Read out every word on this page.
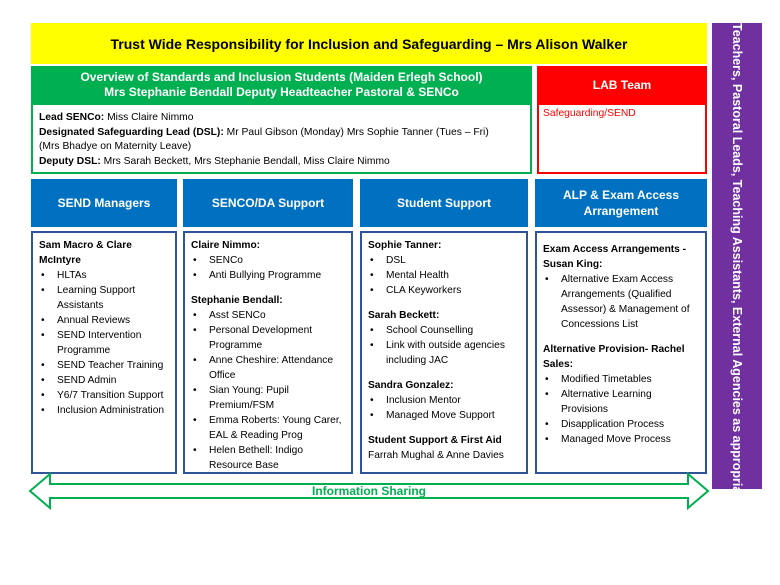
Trust Wide Responsibility for Inclusion and Safeguarding – Mrs Alison Walker	Teachers, Pastoral Leads, Teaching Assistants, External Agencies as appropriate
Overview of Standards and Inclusion Students (Maiden Erlegh School)
Mrs Stephanie Bendall Deputy Headteacher Pastoral & SENCo
Lead SENCo: Miss Claire Nimmo
Designated Safeguarding Lead (DSL): Mr Paul Gibson (Monday) Mrs Sophie Tanner (Tues – Fri)
(Mrs Bhadye on Maternity Leave)
Deputy DSL: Mrs Sarah Beckett, Mrs Stephanie Bendall, Miss Claire Nimmo
LAB Team
Safeguarding/SEND
SEND Managers	SENCO/DA Support	Student Support
ALP & Exam Access Arrangement
Sam Macro & Clare McIntyre
• HLTAs
• Learning Support Assistants
• Annual Reviews
• SEND Intervention Programme
• SEND Teacher Training
• SEND Admin
• Y6/7 Transition Support
• Inclusion Administration
Claire Nimmo:
• SENCo
• Anti Bullying Programme
Stephanie Bendall:
• Asst SENCo
• Personal Development Programme
• Anne Cheshire: Attendance Office
• Sian Young: Pupil Premium/FSM
• Emma Roberts: Young Carer, EAL & Reading Prog
• Helen Bethell: Indigo Resource Base
Sophie Tanner:
• DSL
• Mental Health
• CLA Keyworkers
Sarah Beckett:
• School Counselling
• Link with outside agencies including JAC
Sandra Gonzalez:
• Inclusion Mentor
• Managed Move Support
Student Support & First Aid
Farrah Mughal & Anne Davies
Exam Access Arrangements - Susan King:
• Alternative Exam Access Arrangements (Qualified Assessor) & Management of Concessions List
Alternative Provision- Rachel Sales:
• Modified Timetables
• Alternative Learning Provisions
• Disapplication Process
• Managed Move Process
Information Sharing
